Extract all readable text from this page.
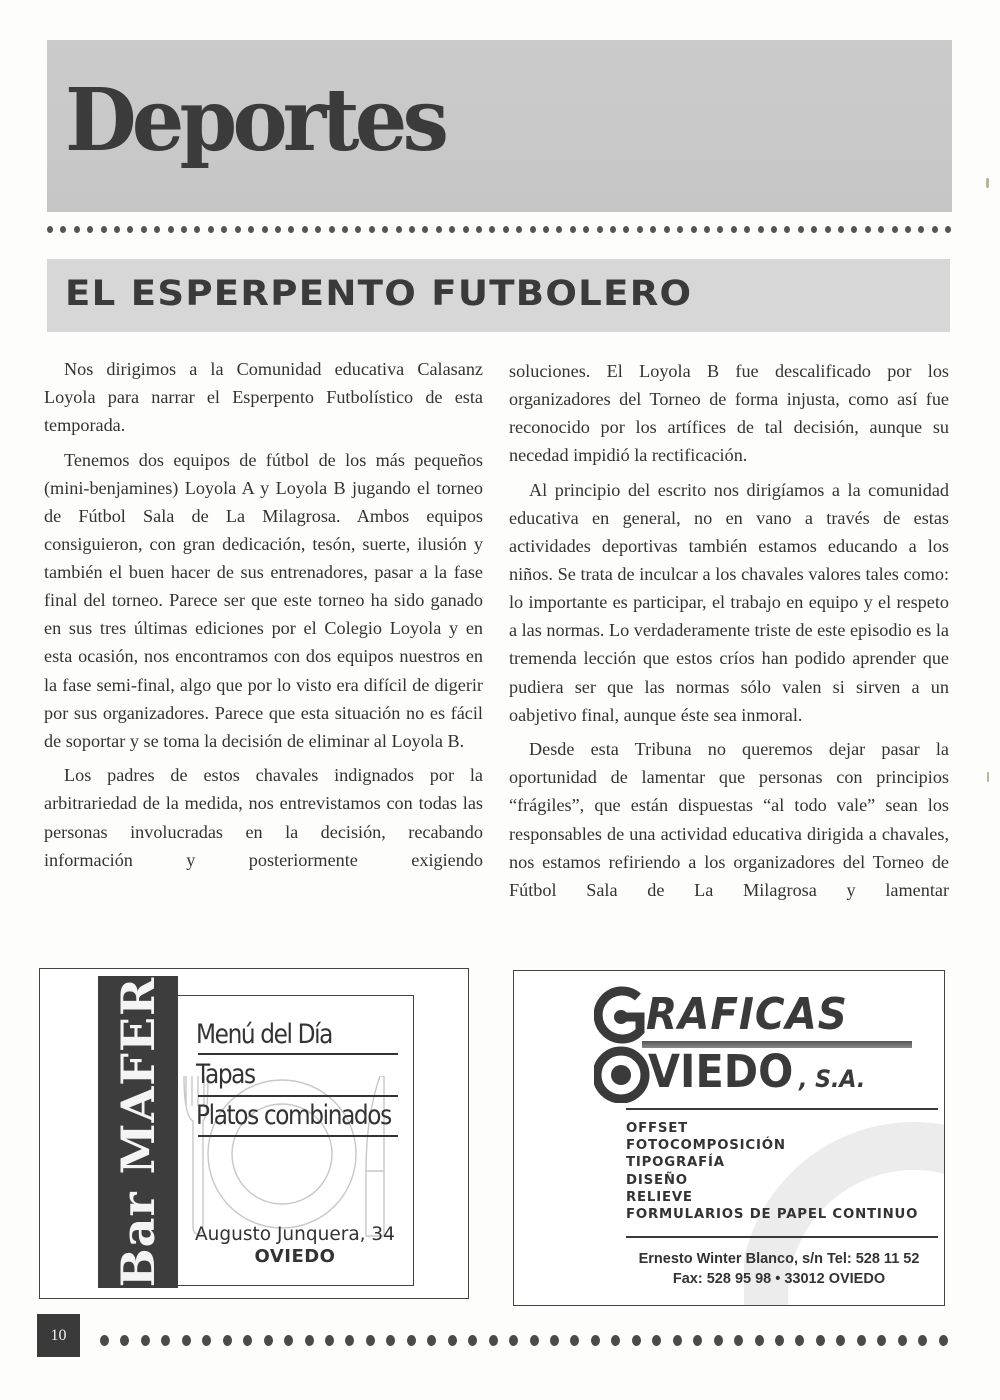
Deportes
EL ESPERPENTO FUTBOLERO

Nos dirigimos a la Comunidad educativa Calasanz Loyola para narrar el Esperpento Futbolístico de esta temporada.

Tenemos dos equipos de fútbol de los más pequeños (mini-benjamines) Loyola A y Loyola B jugando el torneo de Fútbol Sala de La Milagrosa. Ambos equipos consiguieron, con gran dedicación, tesón, suerte, ilusión y también el buen hacer de sus entrenadores, pasar a la fase final del torneo. Parece ser que este torneo ha sido ganado en sus tres últimas ediciones por el Colegio Loyola y en esta ocasión, nos encontramos con dos equipos nuestros en la fase semi-final, algo que por lo visto era difícil de digerir por sus organizadores. Parece que esta situación no es fácil de soportar y se toma la decisión de eliminar al Loyola B.

Los padres de estos chavales indignados por la arbitrariedad de la medida, nos entrevistamos con todas las personas involucradas en la decisión, recabando información y posteriormente exigiendo

soluciones. El Loyola B fue descalificado por los organizadores del Torneo de forma injusta, como así fue reconocido por los artífices de tal decisión, aunque su necedad impidió la rectificación.

Al principio del escrito nos dirigíamos a la comunidad educativa en general, no en vano a través de estas actividades deportivas también estamos educando a los niños. Se trata de inculcar a los chavales valores tales como: lo importante es participar, el trabajo en equipo y el respeto a las normas. Lo verdaderamente triste de este episodio es la tremenda lección que estos críos han podido aprender que pudiera ser que las normas sólo valen si sirven a un oabjetivo final, aunque éste sea inmoral.

Desde esta Tribuna no queremos dejar pasar la oportunidad de lamentar que personas con principios “frágiles”, que están dispuestas “al todo vale” sean los responsables de una actividad educativa dirigida a chavales, nos estamos refiriendo a los organizadores del Torneo de Fútbol Sala de La Milagrosa y lamentar

Bar MAFER Menú del Día
Tapas
Platos combinados
Augusto Junquera, 34
OVIEDO
RAFICAS
VIEDO , S.A.
OFFSET
FOTOCOMPOSICIÓN
TIPOGRAFÍA
DISEÑO
RELIEVE
FORMULARIOS DE PAPEL CONTINUO
Ernesto Winter Blanco, s/n Tel: 528 11 52
Fax: 528 95 98 • 33012 OVIEDO
10
